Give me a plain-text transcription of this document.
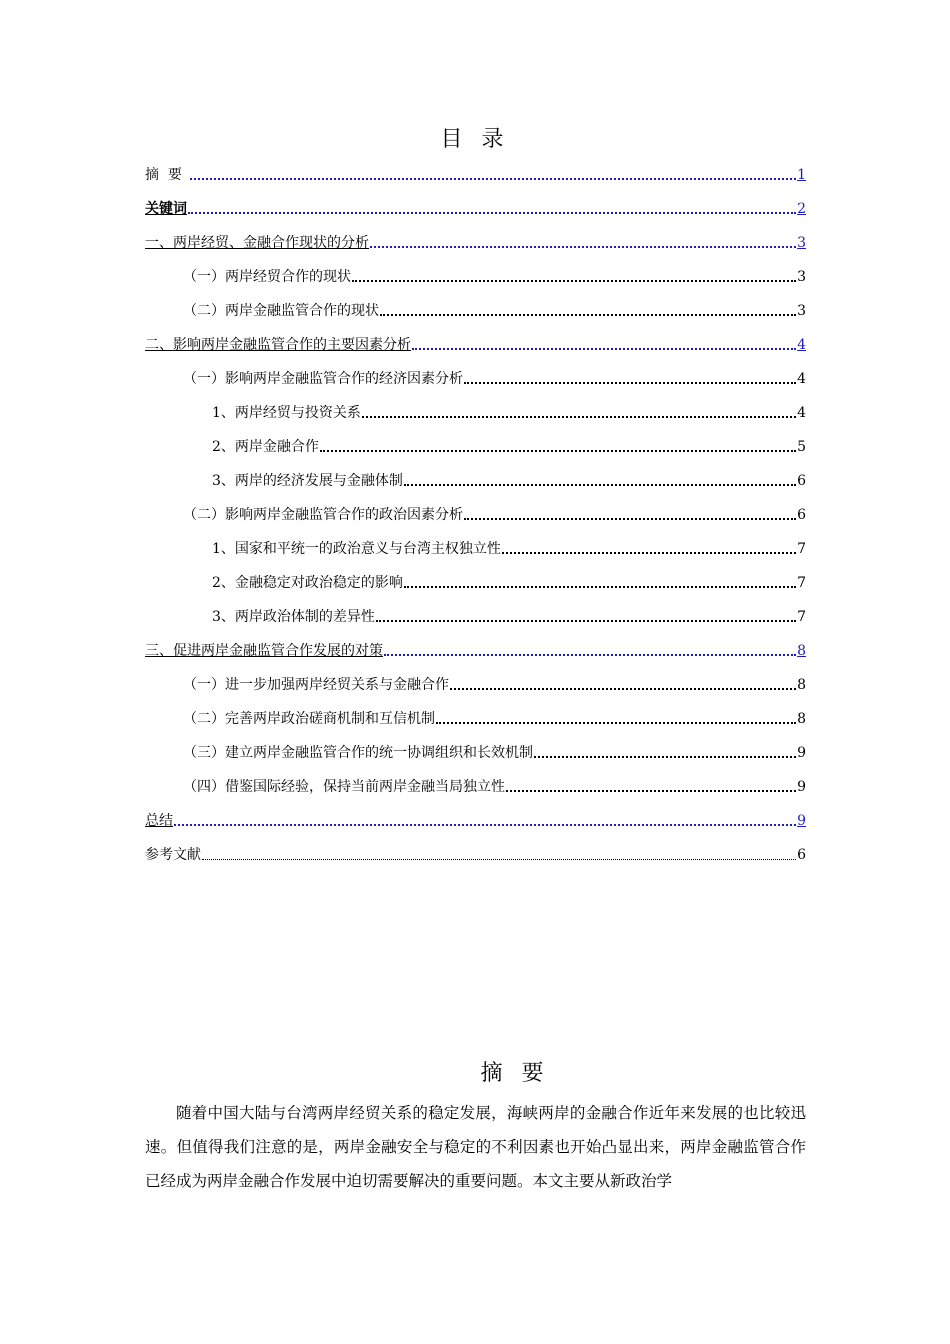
目 录
摘  要	1
关键词	2
一、两岸经贸、金融合作现状的分析	3
（一）两岸经贸合作的现状	3
（二）两岸金融监管合作的现状	3
二、影响两岸金融监管合作的主要因素分析	4
（一）影响两岸金融监管合作的经济因素分析	4
1、两岸经贸与投资关系	4
2、两岸金融合作	5
3、两岸的经济发展与金融体制	6
（二）影响两岸金融监管合作的政治因素分析	6
1、国家和平统一的政治意义与台湾主权独立性	7
2、金融稳定对政治稳定的影响	7
3、两岸政治体制的差异性	7
三、促进两岸金融监管合作发展的对策	8
（一）进一步加强两岸经贸关系与金融合作	8
（二）完善两岸政治磋商机制和互信机制	8
（三）建立两岸金融监管合作的统一协调组织和长效机制	9
（四）借鉴国际经验，保持当前两岸金融当局独立性	9
总结	9
参考文献	6
摘 要
随着中国大陆与台湾两岸经贸关系的稳定发展，海峡两岸的金融合作近年来发展的也比较迅速。但值得我们注意的是，两岸金融安全与稳定的不利因素也开始凸显出来，两岸金融监管合作已经成为两岸金融合作发展中迫切需要解决的重要问题。本文主要从新政治学
